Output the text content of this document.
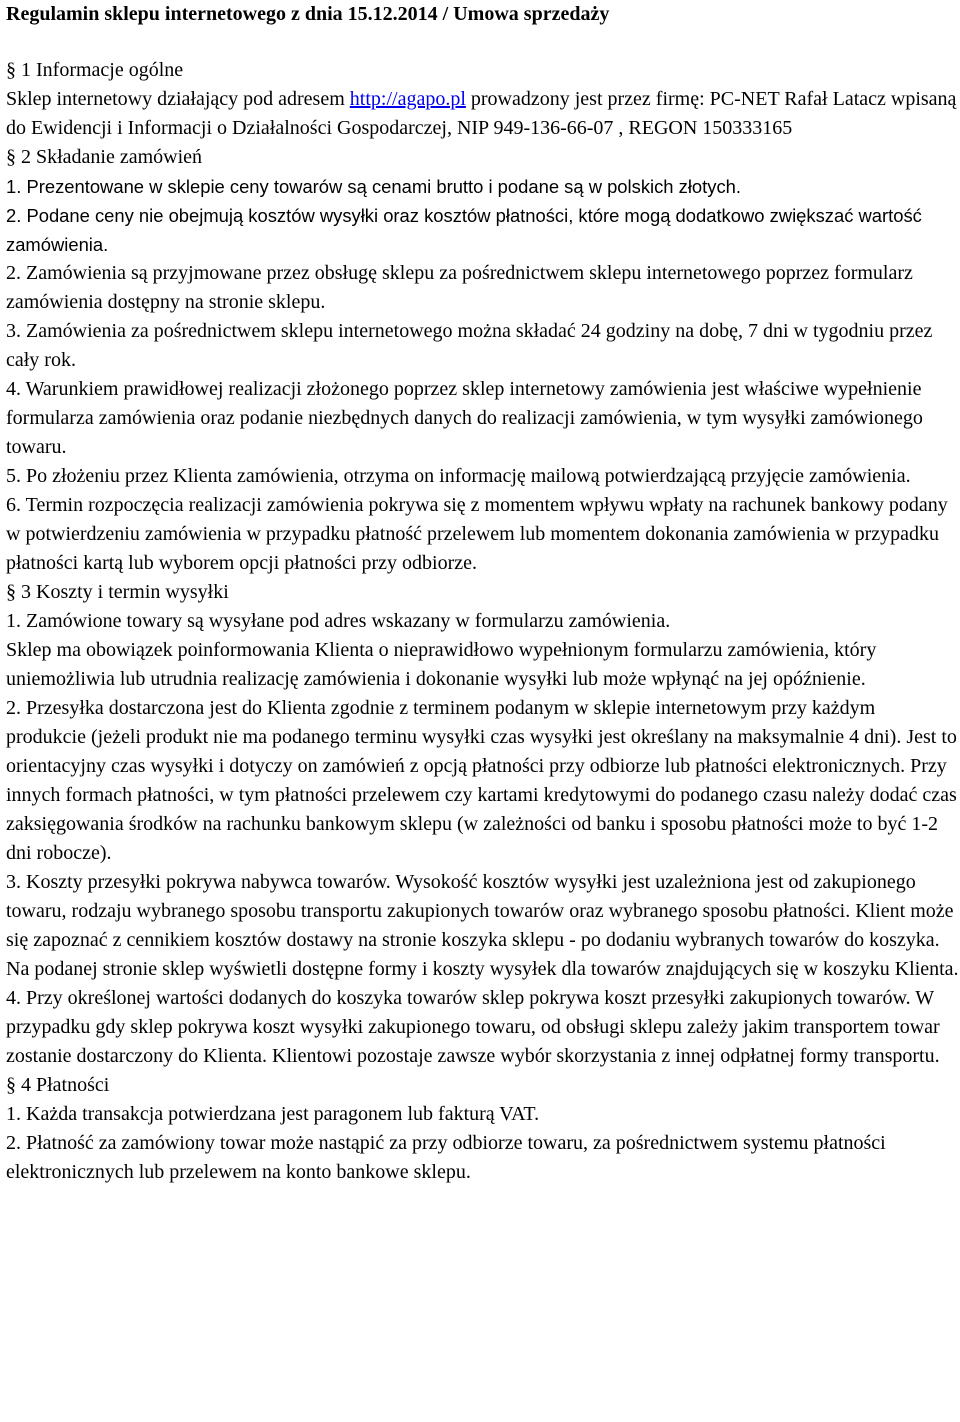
Regulamin sklepu internetowego z dnia 15.12.2014 / Umowa sprzedaży

§ 1 Informacje ogólne

Sklep internetowy działający pod adresem http://agapo.pl prowadzony jest przez firmę: PC-NET Rafał Latacz wpisaną do Ewidencji i Informacji o Działalności Gospodarczej, NIP 949-136-66-07 , REGON 150333165

§ 2 Składanie zamówień

1. Prezentowane w sklepie ceny towarów są cenami brutto i podane są w polskich złotych.

2. Podane ceny nie obejmują kosztów wysyłki oraz kosztów płatności, które mogą dodatkowo zwiększać wartość zamówienia.

2. Zamówienia są przyjmowane przez obsługę sklepu za pośrednictwem sklepu internetowego poprzez formularz zamówienia dostępny na stronie sklepu.

3. Zamówienia za pośrednictwem sklepu internetowego można składać 24 godziny na dobę, 7 dni w tygodniu przez cały rok.

4. Warunkiem prawidłowej realizacji złożonego poprzez sklep internetowy zamówienia jest właściwe wypełnienie formularza zamówienia oraz podanie niezbędnych danych do realizacji zamówienia, w tym wysyłki zamówionego towaru.

5. Po złożeniu przez Klienta zamówienia, otrzyma on informację mailową potwierdzającą przyjęcie zamówienia.

6. Termin rozpoczęcia realizacji zamówienia pokrywa się z momentem wpływu wpłaty na rachunek bankowy podany w potwierdzeniu zamówienia w przypadku płatność przelewem lub momentem dokonania zamówienia w przypadku płatności kartą lub wyborem opcji płatności przy odbiorze.

§ 3 Koszty i termin wysyłki

1. Zamówione towary są wysyłane pod adres wskazany w formularzu zamówienia.

Sklep ma obowiązek poinformowania Klienta o nieprawidłowo wypełnionym formularzu zamówienia, który uniemożliwia lub utrudnia realizację zamówienia i dokonanie wysyłki lub może wpłynąć na jej opóźnienie.

2. Przesyłka dostarczona jest do Klienta zgodnie z terminem podanym w sklepie internetowym przy każdym produkcie (jeżeli produkt nie ma podanego terminu wysyłki czas wysyłki jest określany na maksymalnie 4 dni). Jest to orientacyjny czas wysyłki i dotyczy on zamówień z opcją płatności przy odbiorze lub płatności elektronicznych. Przy innych formach płatności, w tym płatności przelewem czy kartami kredytowymi do podanego czasu należy dodać czas zaksięgowania środków na rachunku bankowym sklepu (w zależności od banku i sposobu płatności może to być 1-2 dni robocze).

3. Koszty przesyłki pokrywa nabywca towarów. Wysokość kosztów wysyłki jest uzależniona jest od zakupionego towaru, rodzaju wybranego sposobu transportu zakupionych towarów oraz wybranego sposobu płatności. Klient może się zapoznać z cennikiem kosztów dostawy na stronie koszyka sklepu - po dodaniu wybranych towarów do koszyka. Na podanej stronie sklep wyświetli dostępne formy i koszty wysyłek dla towarów znajdujących się w koszyku Klienta.

4. Przy określonej wartości dodanych do koszyka towarów sklep pokrywa koszt przesyłki zakupionych towarów. W przypadku gdy sklep pokrywa koszt wysyłki zakupionego towaru, od obsługi sklepu zależy jakim transportem towar zostanie dostarczony do Klienta. Klientowi pozostaje zawsze wybór skorzystania z innej odpłatnej formy transportu.

§ 4 Płatności

1. Każda transakcja potwierdzana jest paragonem lub fakturą VAT.

2. Płatność za zamówiony towar może nastąpić za przy odbiorze towaru, za pośrednictwem systemu płatności elektronicznych lub przelewem na konto bankowe sklepu.
